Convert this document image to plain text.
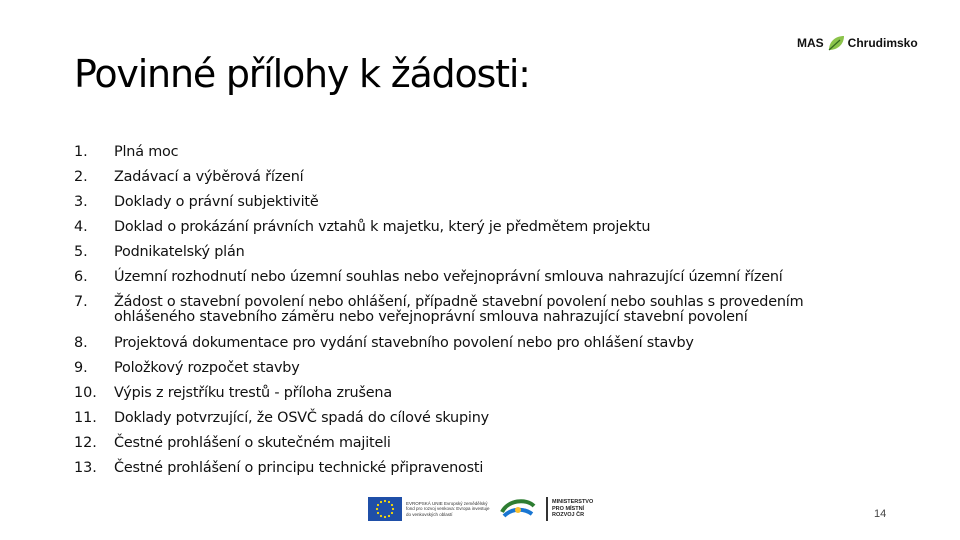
MAS Chrudimsko
Povinné přílohy k žádosti:
1.	Plná moc
2.	Zadávací a výběrová řízení
3.	Doklady o právní subjektivitě
4.	Doklad o prokázání právních vztahů k majetku, který je předmětem projektu
5.	Podnikatelský plán
6.	Územní rozhodnutí nebo územní souhlas nebo veřejnoprávní smlouva nahrazující územní řízení
7.	Žádost o stavební povolení nebo ohlášení, případně stavební povolení nebo souhlas s provedením ohlášeného stavebního záměru nebo veřejnoprávní smlouva nahrazující stavební povolení
8.	Projektová dokumentace pro vydání stavebního povolení nebo pro ohlášení stavby
9.	Položkový rozpočet stavby
10.	Výpis z rejstříku trestů - příloha zrušena
11.	Doklady potvrzující, že OSVČ spadá do cílové skupiny
12.	Čestné prohlášení o skutečném majiteli
13.	Čestné prohlášení o principu technické připravenosti
EVROPSKÁ UNIE Evropský zemědělský fond pro rozvoj venkova: Evropa investuje do venkovských oblastí
MINISTERSTVO PRO MÍSTNÍ ROZVOJ ČR	14
